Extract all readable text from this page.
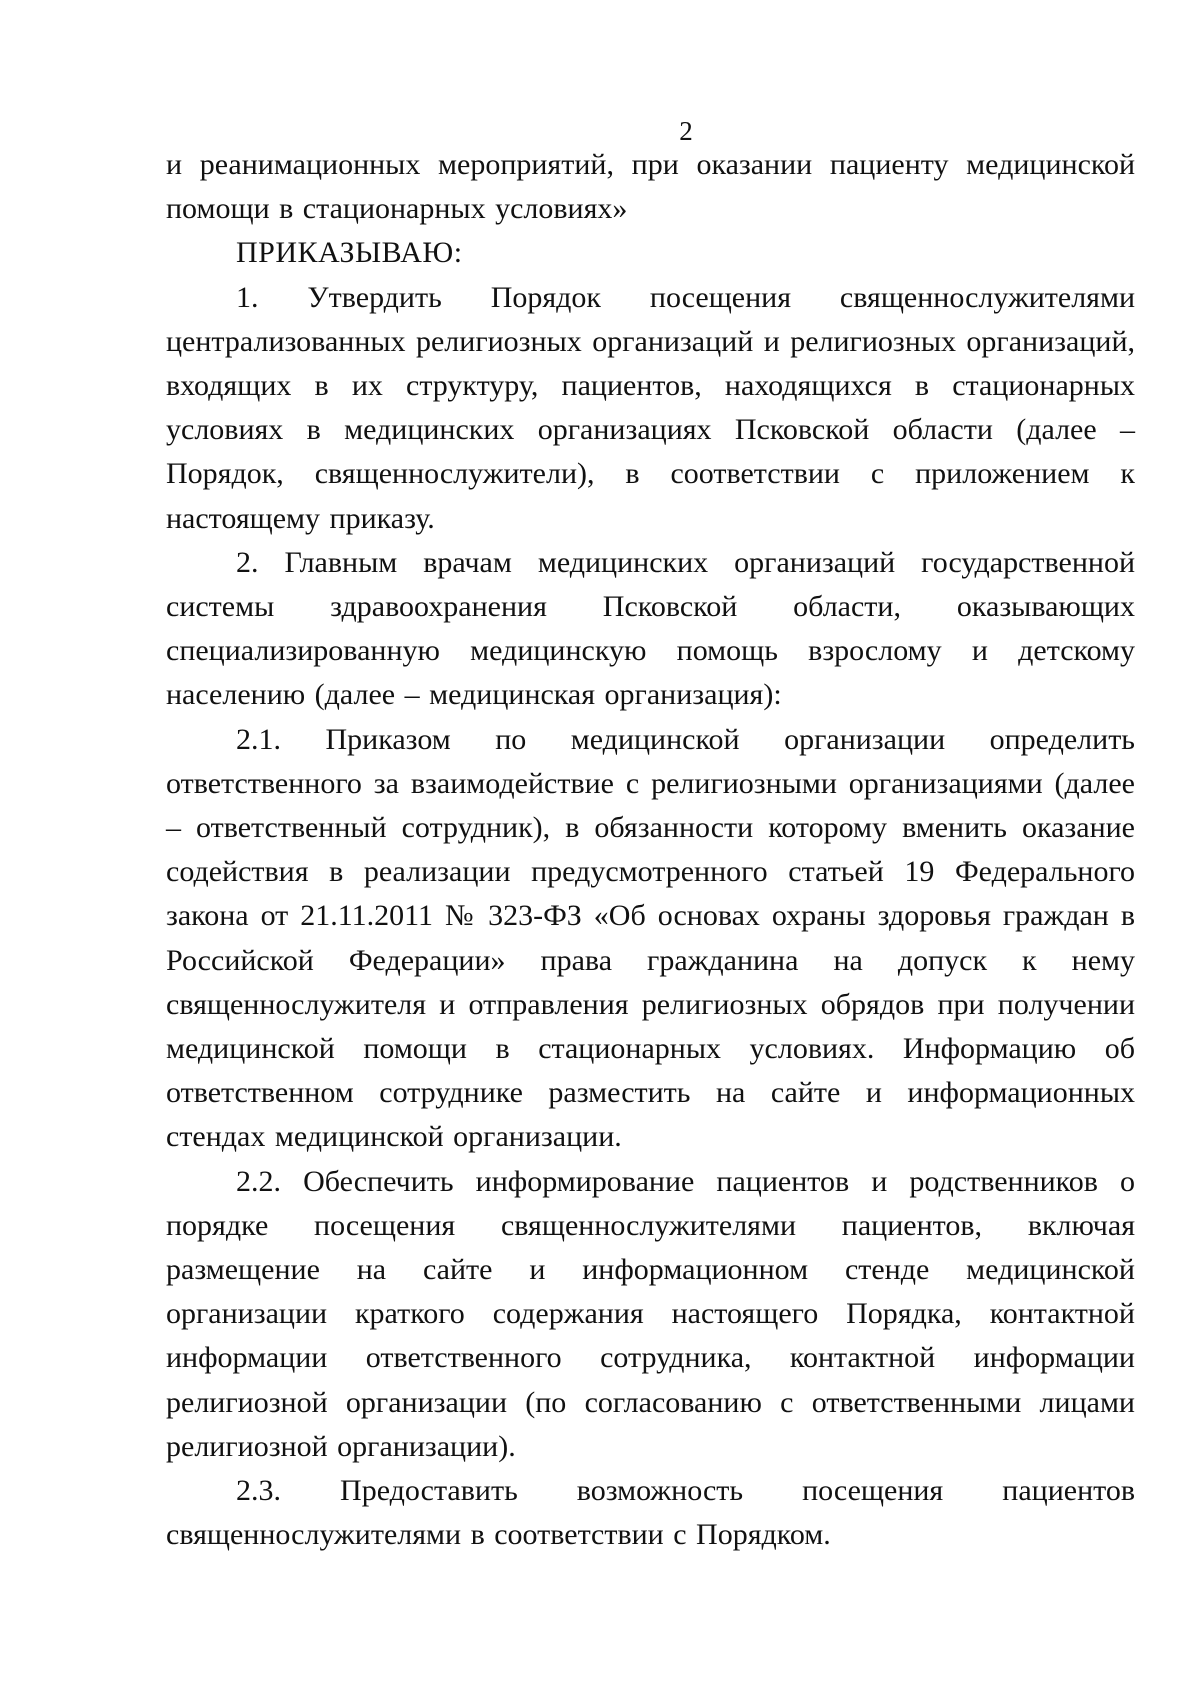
2

и реанимационных мероприятий, при оказании пациенту медицинской помощи в стационарных условиях»

ПРИКАЗЫВАЮ:

1. Утвердить Порядок посещения священнослужителями централизованных религиозных организаций и религиозных организаций, входящих в их структуру, пациентов, находящихся в стационарных условиях в медицинских организациях Псковской области (далее – Порядок, священнослужители), в соответствии с приложением к настоящему приказу.

2. Главным врачам медицинских организаций государственной системы здравоохранения Псковской области, оказывающих специализированную медицинскую помощь взрослому и детскому населению (далее – медицинская организация):

2.1. Приказом по медицинской организации определить ответственного за взаимодействие с религиозными организациями (далее – ответственный сотрудник), в обязанности которому вменить оказание содействия в реализации предусмотренного статьей 19 Федерального закона от 21.11.2011 № 323-ФЗ «Об основах охраны здоровья граждан в Российской Федерации» права гражданина на допуск к нему священнослужителя и отправления религиозных обрядов при получении медицинской помощи в стационарных условиях. Информацию об ответственном сотруднике разместить на сайте и информационных стендах медицинской организации.

2.2. Обеспечить информирование пациентов и родственников о порядке посещения священнослужителями пациентов, включая размещение на сайте и информационном стенде медицинской организации краткого содержания настоящего Порядка, контактной информации ответственного сотрудника, контактной информации религиозной организации (по согласованию с ответственными лицами религиозной организации).

2.3. Предоставить возможность посещения пациентов священнослужителями в соответствии с Порядком.
